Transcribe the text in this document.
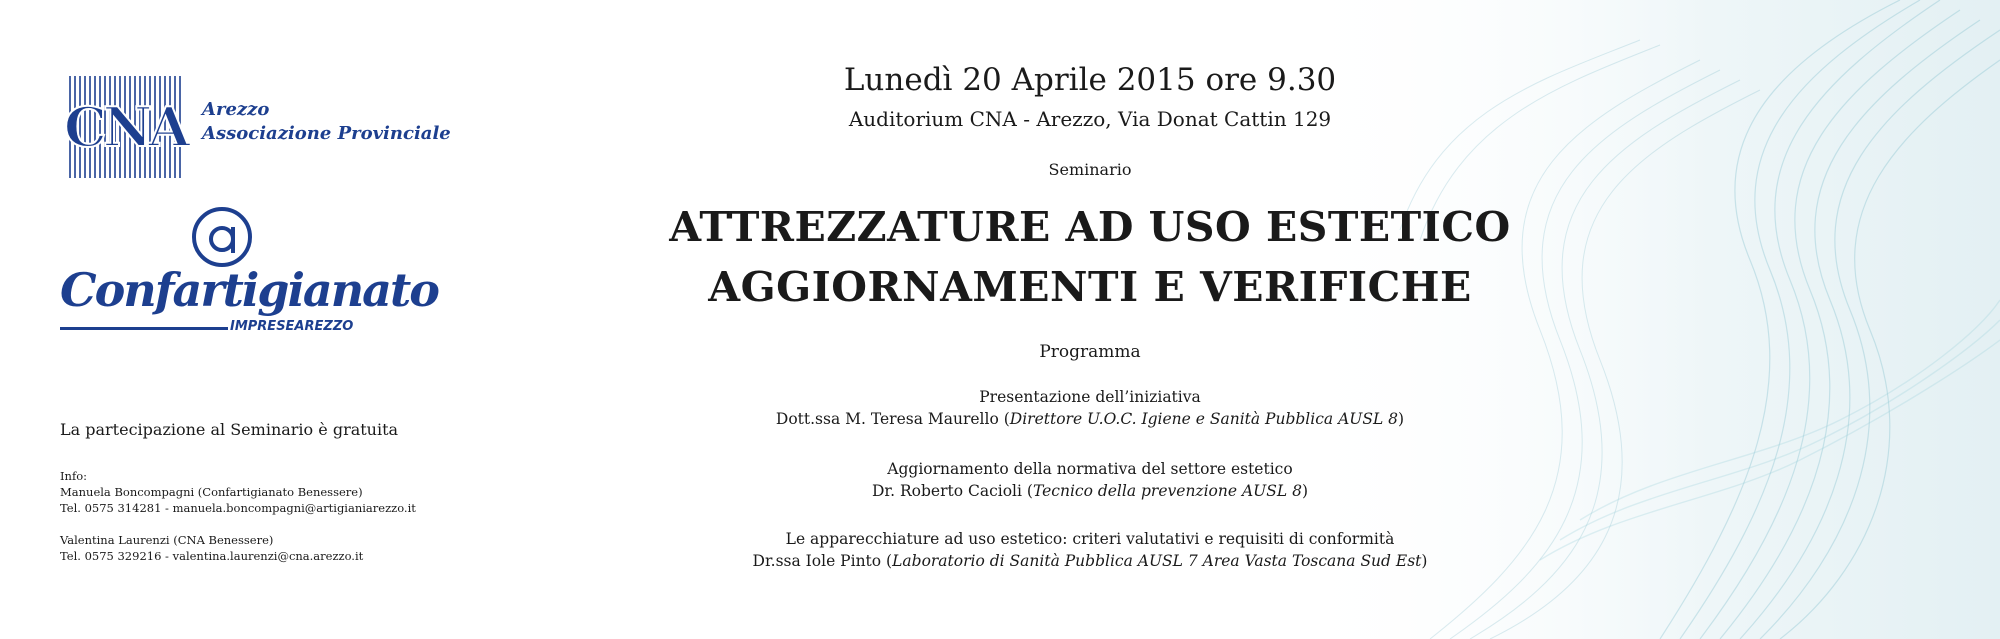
CNA Arezzo
Associazione Provinciale
Confartigianato
IMPRESEAREZZO
La partecipazione al Seminario è gratuita
Info:
Manuela Boncompagni (Confartigianato Benessere)
Tel. 0575 314281 - manuela.boncompagni@artigianiarezzo.it
Valentina Laurenzi (CNA Benessere)
Tel. 0575 329216 - valentina.laurenzi@cna.arezzo.it
Lunedì 20 Aprile 2015 ore 9.30
Auditorium CNA - Arezzo, Via Donat Cattin 129
Seminario
ATTREZZATURE AD USO ESTETICO
AGGIORNAMENTI E VERIFICHE
Programma
Presentazione dell’iniziativa
Dott.ssa M. Teresa Maurello (Direttore U.O.C. Igiene e Sanità Pubblica AUSL 8)
Aggiornamento della normativa del settore estetico
Dr. Roberto Cacioli (Tecnico della prevenzione AUSL 8)
Le apparecchiature ad uso estetico: criteri valutativi e requisiti di conformità
Dr.ssa Iole Pinto (Laboratorio di Sanità Pubblica AUSL 7 Area Vasta Toscana Sud Est)
